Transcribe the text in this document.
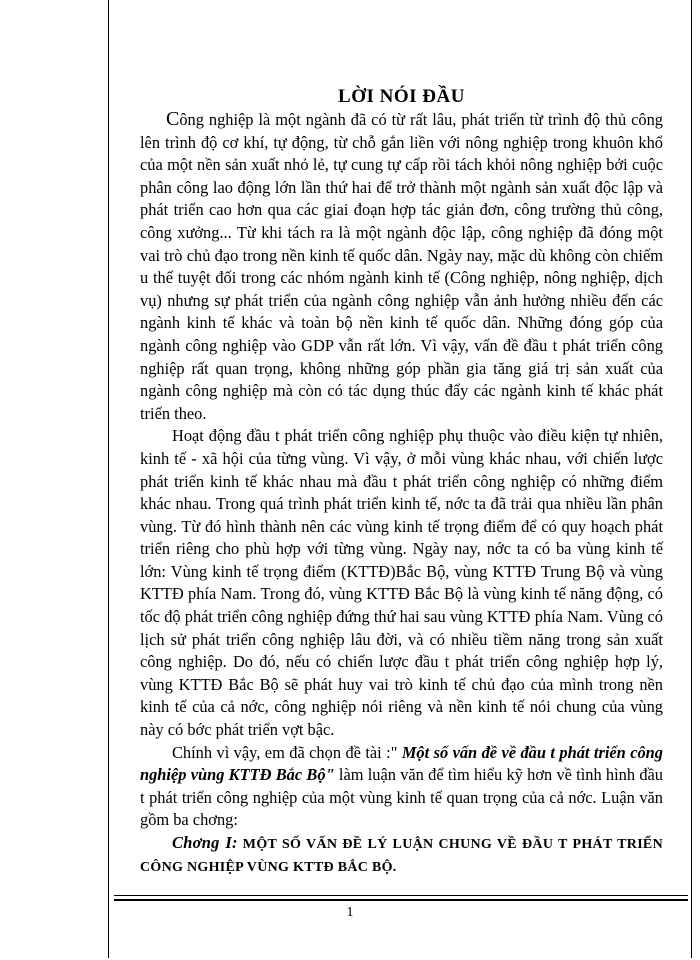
LỜI NÓI ĐẦU

Công nghiệp là một ngành đã có từ rất lâu, phát triển từ trình độ thủ công lên trình độ cơ khí, tự động, từ chỗ gắn liền với nông nghiệp trong khuôn khổ của một nền sản xuất nhỏ lẻ, tự cung tự cấp rồi tách khỏi nông nghiệp bởi cuộc phân công lao động lớn lần thứ hai để trở thành một ngành sản xuất độc lập và phát triển cao hơn qua các giai đoạn hợp tác giản đơn, công trường thủ công, công xưởng... Từ khi tách ra là một ngành độc lập, công nghiệp đã đóng một vai trò chủ đạo trong nền kinh tế quốc dân. Ngày nay, mặc dù không còn chiếm u thế tuyệt đối trong các nhóm ngành kinh tế (Công nghiệp, nông nghiệp, dịch vụ) nhưng sự phát triển của ngành công nghiệp vẫn ảnh hưởng nhiều đến các ngành kinh tế khác và toàn bộ nền kinh tế quốc dân. Những đóng góp của ngành công nghiệp vào GDP vẫn rất lớn. Vì vậy, vấn đề đầu t phát triển công nghiệp rất quan trọng, không những góp phần gia tăng giá trị sản xuất của ngành công nghiệp mà còn có tác dụng thúc đẩy các ngành kinh tế khác phát triển theo.

Hoạt động đầu t phát triển công nghiệp phụ thuộc vào điều kiện tự nhiên, kinh tế - xã hội của từng vùng. Vì vậy, ở mỗi vùng khác nhau, với chiến lược phát triển kinh tế khác nhau mà đầu t phát triển công nghiệp có những điểm khác nhau. Trong quá trình phát triển kinh tế, nớc ta đã trải qua nhiều lần phân vùng. Từ đó hình thành nên các vùng kinh tế trọng điểm để có quy hoạch phát triển riêng cho phù hợp với từng vùng. Ngày nay, nớc ta có ba vùng kinh tế lớn: Vùng kinh tế trọng điểm (KTTĐ)Bắc Bộ, vùng KTTĐ Trung Bộ và vùng KTTĐ phía Nam. Trong đó, vùng KTTĐ Bắc Bộ là vùng kinh tế năng động, có tốc độ phát triển công nghiệp đứng thứ hai sau vùng KTTĐ phía Nam. Vùng có lịch sử phát triển công nghiệp lâu đời, và có nhiều tiềm năng trong sản xuất công nghiệp. Do đó, nếu có chiến lược đầu t phát triển công nghiệp hợp lý, vùng KTTĐ Bắc Bộ sẽ phát huy vai trò kinh tế chủ đạo của mình trong nền kinh tế của cả nớc, công nghiệp nói riêng và nền kinh tế nói chung của vùng này có bớc phát triển vợt bậc.

Chính vì vậy, em đã chọn đề tài :" Một số vấn đề về đầu t phát triển công nghiệp vùng KTTĐ Bắc Bộ" làm luận văn để tìm hiểu kỹ hơn về tình hình đầu t phát triển công nghiệp của một vùng kinh tế quan trọng của cả nớc. Luận văn gồm ba chơng:

Chơng I: MỘT SỐ VẤN ĐỀ LÝ LUẬN CHUNG VỀ ĐẦU T PHÁT TRIỂN CÔNG NGHIỆP VÙNG KTTĐ BẮC BỘ.

1
